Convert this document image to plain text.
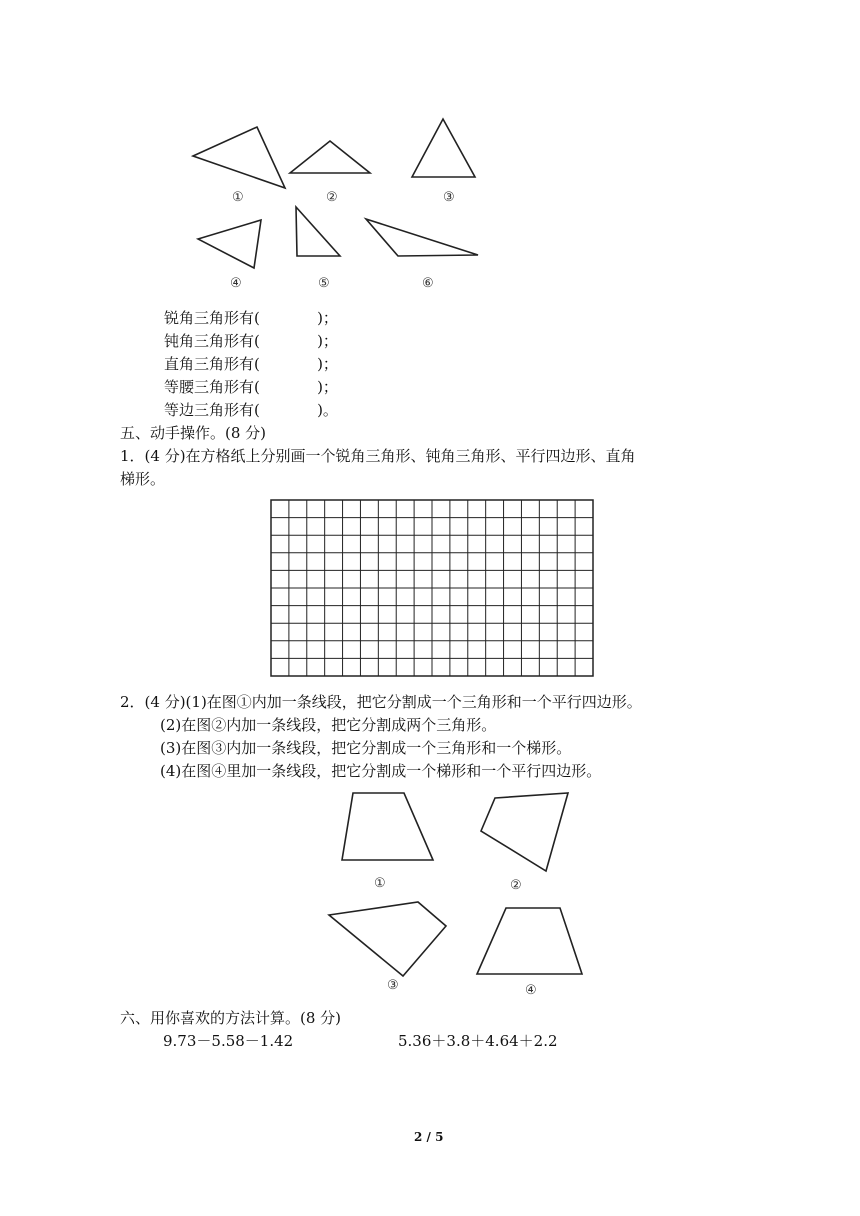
①	②	③
④	⑤	⑥
锐角三角形有(            )；
钝角三角形有(            )；
直角三角形有(            )；
等腰三角形有(            )；
等边三角形有(            )。
五、动手操作。(8 分)
1．(4 分)在方格纸上分别画一个锐角三角形、钝角三角形、平行四边形、直角
梯形。
2．(4 分)(1)在图①内加一条线段，把它分割成一个三角形和一个平行四边形。
(2)在图②内加一条线段，把它分割成两个三角形。
(3)在图③内加一条线段，把它分割成一个三角形和一个梯形。
(4)在图④里加一条线段，把它分割成一个梯形和一个平行四边形。
①	②
③	④
六、用你喜欢的方法计算。(8 分)
9.73－5.58－1.42	5.36＋3.8＋4.64＋2.2
2 / 5
